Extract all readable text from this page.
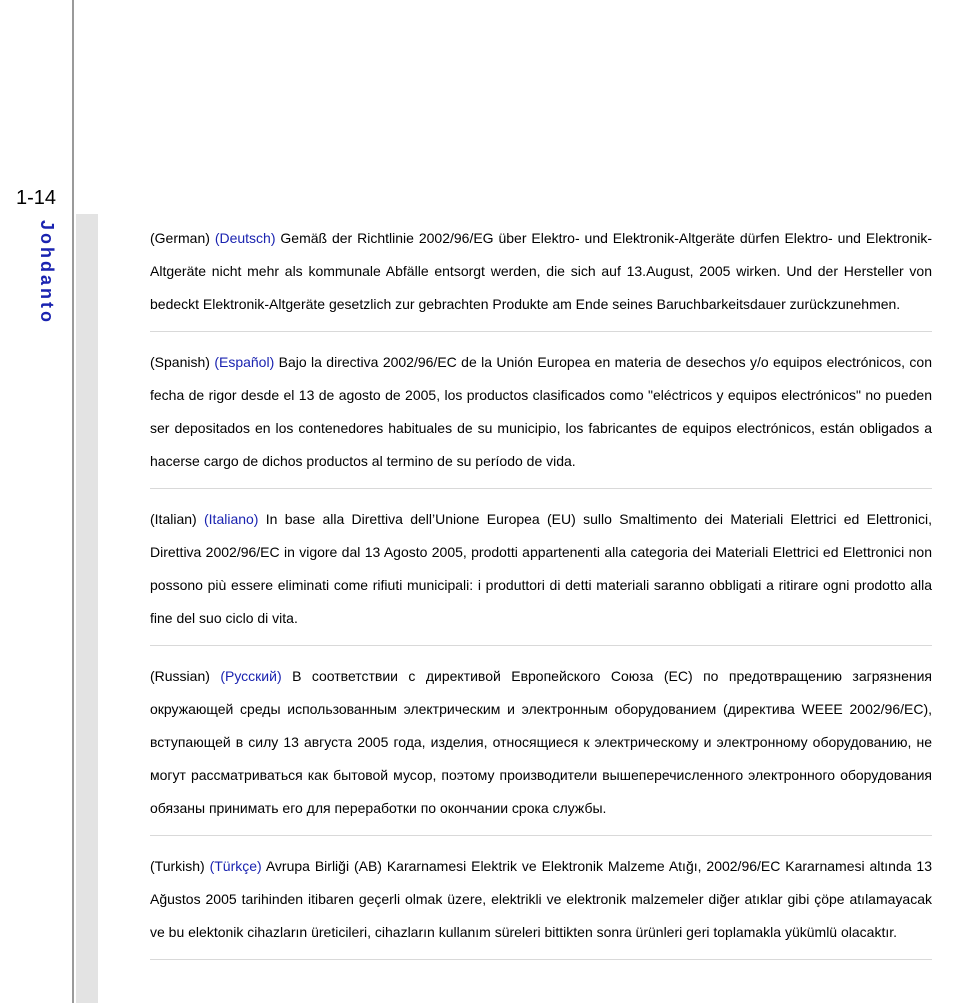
1-14
Johdanto	(German) (Deutsch) Gemäß der Richtlinie 2002/96/EG über Elektro- und Elektronik-Altgeräte dürfen Elektro- und Elektronik-Altgeräte nicht mehr als kommunale Abfälle entsorgt werden, die sich auf 13.August, 2005 wirken. Und der Hersteller von bedeckt Elektronik-Altgeräte gesetzlich zur gebrachten Produkte am Ende seines Baruchbarkeitsdauer zurückzunehmen.

(Spanish) (Español) Bajo la directiva 2002/96/EC de la Unión Europea en materia de desechos y/o equipos electrónicos, con fecha de rigor desde el 13 de agosto de 2005, los productos clasificados como "eléctricos y equipos electrónicos" no pueden ser depositados en los contenedores habituales de su municipio, los fabricantes de equipos electrónicos, están obligados a hacerse cargo de dichos productos al termino de su período de vida.

(Italian) (Italiano) In base alla Direttiva dell’Unione Europea (EU) sullo Smaltimento dei Materiali Elettrici ed Elettronici, Direttiva 2002/96/EC in vigore dal 13 Agosto 2005, prodotti appartenenti alla categoria dei Materiali Elettrici ed Elettronici non possono più essere eliminati come rifiuti municipali: i produttori di detti materiali saranno obbligati a ritirare ogni prodotto alla fine del suo ciclo di vita.

(Russian) (Русский) В соответствии с директивой Европейского Союза (ЕС) по предотвращению загрязнения окружающей среды использованным электрическим и электронным оборудованием (директива WEEE 2002/96/EC), вступающей в силу 13 августа 2005 года, изделия, относящиеся к электрическому и электронному оборудованию, не могут рассматриваться как бытовой мусор, поэтому производители вышеперечисленного электронного оборудования обязаны принимать его для переработки по окончании срока службы.

(Turkish) (Türkçe) Avrupa Birliği (AB) Kararnamesi Elektrik ve Elektronik Malzeme Atığı, 2002/96/EC Kararnamesi altında 13 Ağustos 2005 tarihinden itibaren geçerli olmak üzere, elektrikli ve elektronik malzemeler diğer atıklar gibi çöpe atılamayacak ve bu elektonik cihazların üreticileri, cihazların kullanım süreleri bittikten sonra ürünleri geri toplamakla yükümlü olacaktır.
